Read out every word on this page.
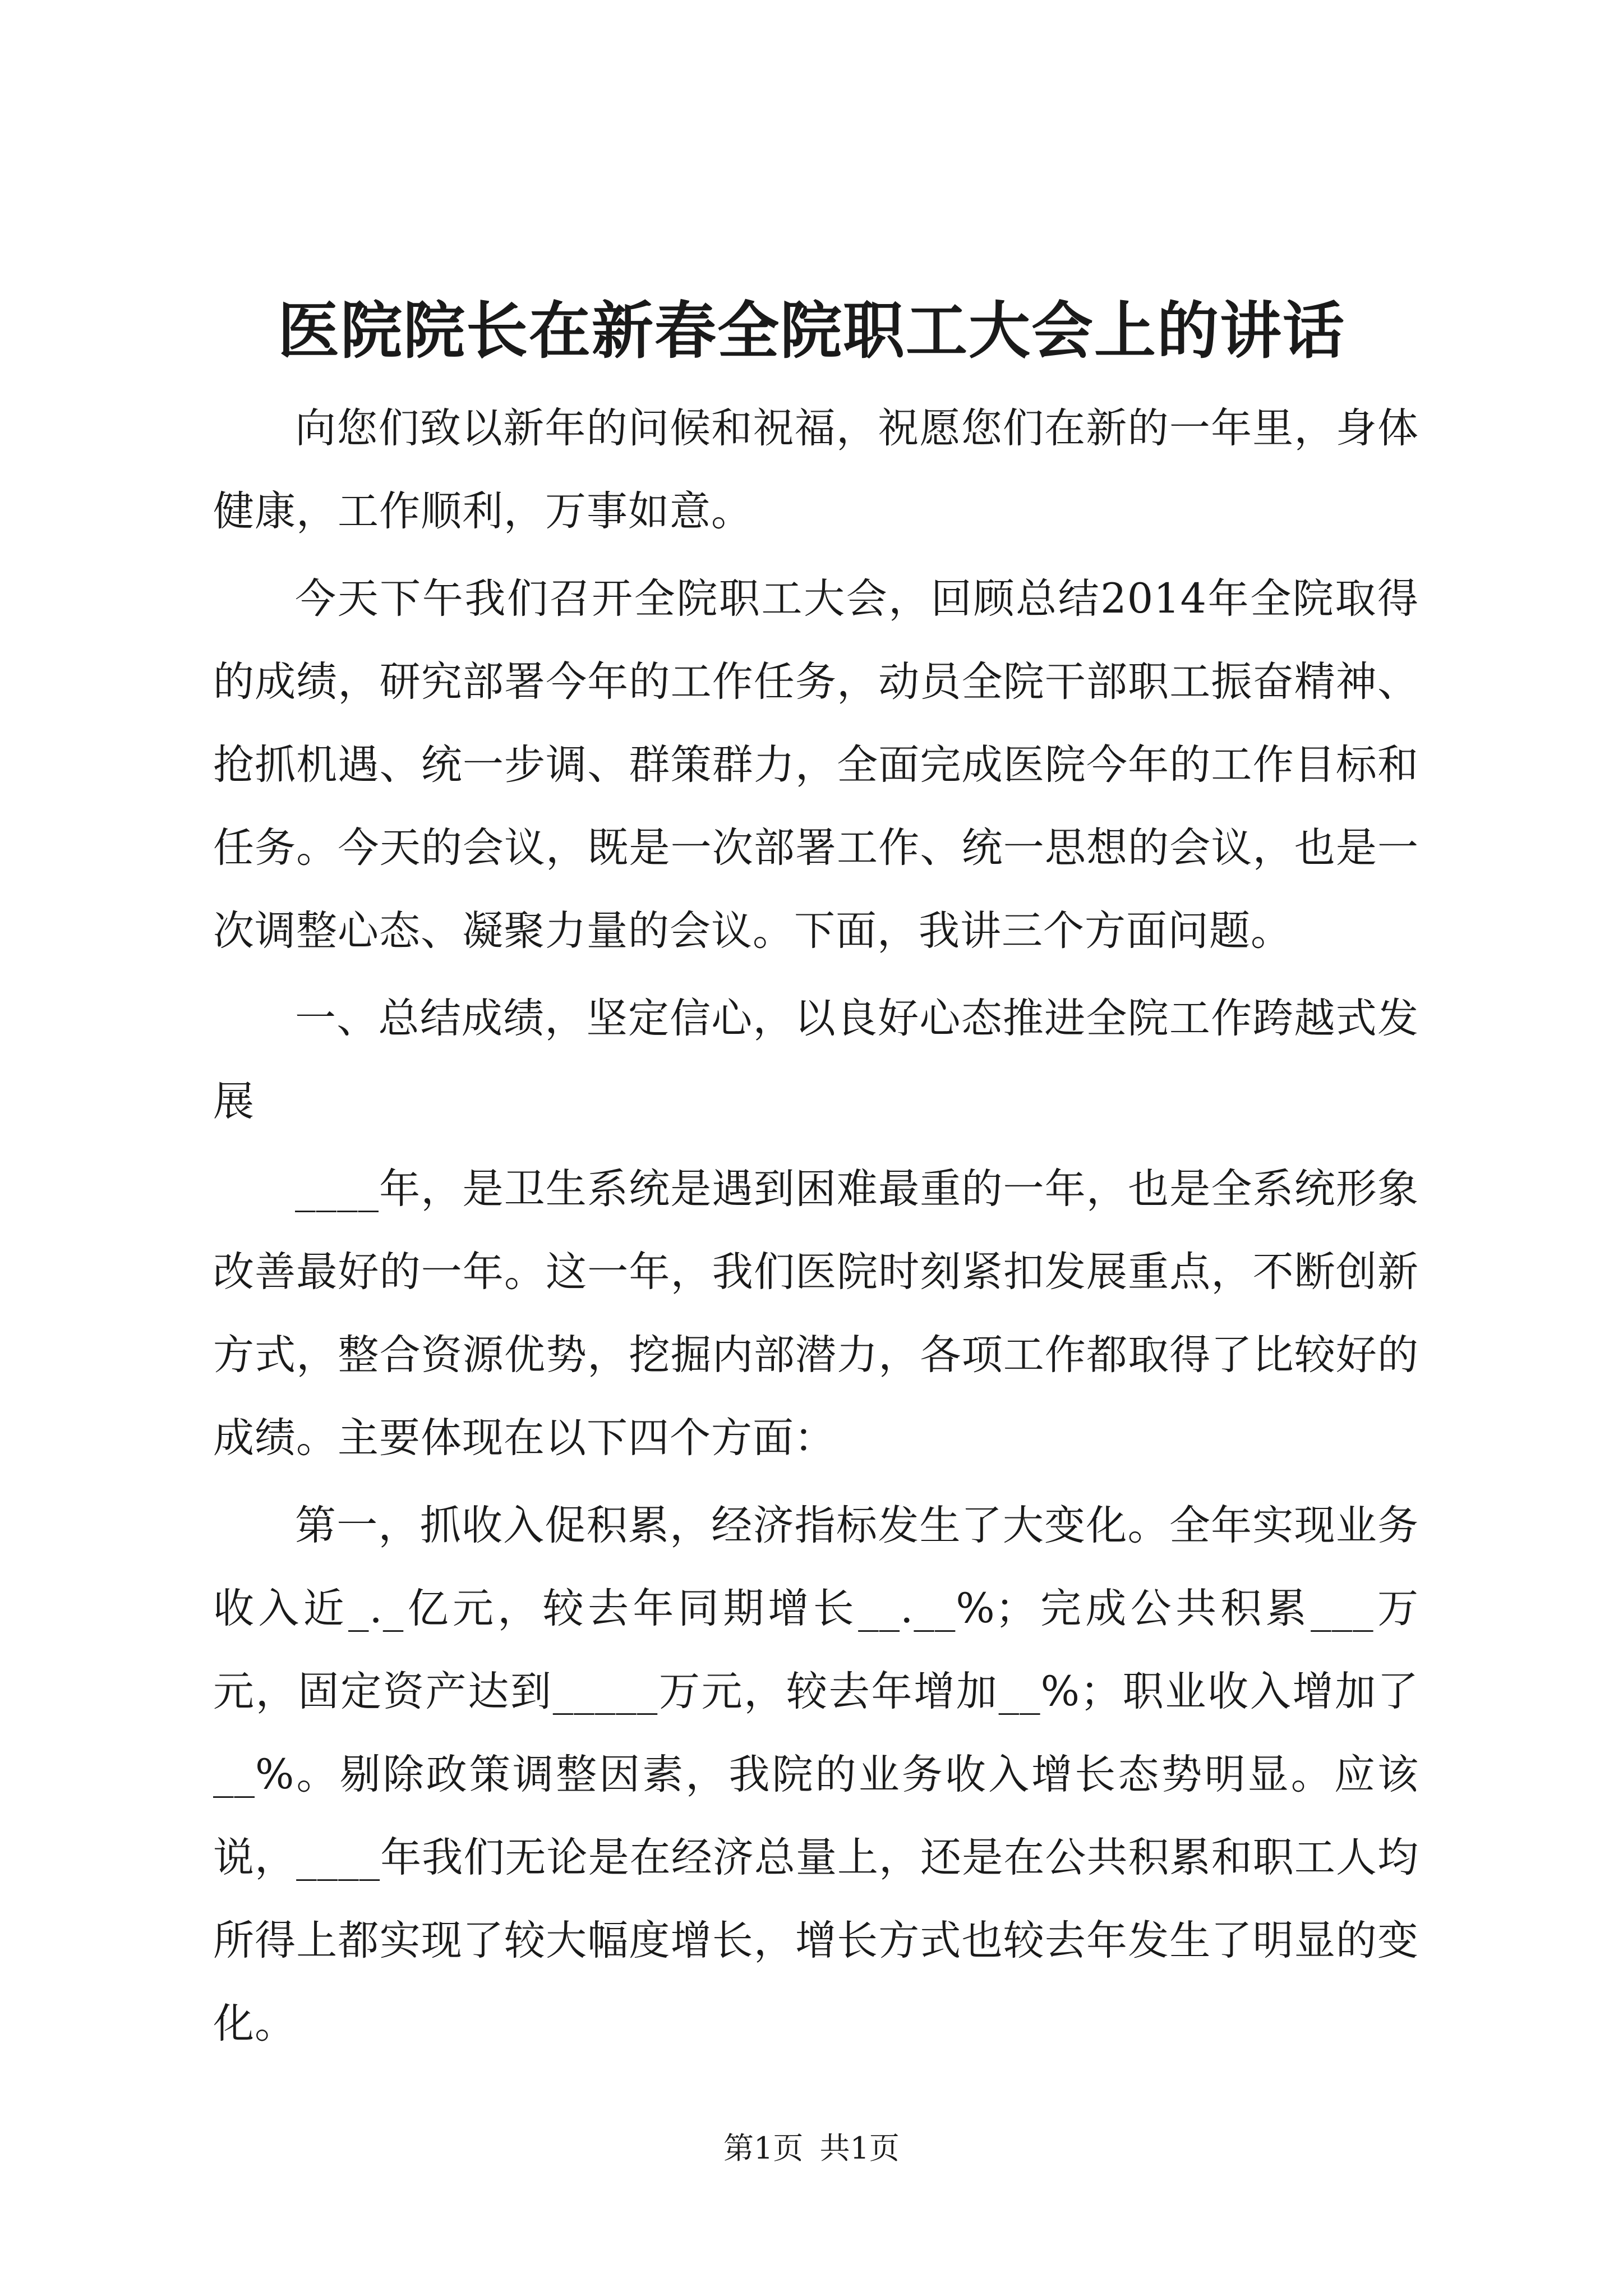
医院院长在新春全院职工大会上的讲话

向您们致以新年的问候和祝福，祝愿您们在新的一年里，身体健康，工作顺利，万事如意。

今天下午我们召开全院职工大会，回顾总结2014年全院取得的成绩，研究部署今年的工作任务，动员全院干部职工振奋精神、抢抓机遇、统一步调、群策群力，全面完成医院今年的工作目标和任务。今天的会议，既是一次部署工作、统一思想的会议，也是一次调整心态、凝聚力量的会议。下面，我讲三个方面问题。

一、总结成绩，坚定信心，以良好心态推进全院工作跨越式发展

____年，是卫生系统是遇到困难最重的一年，也是全系统形象改善最好的一年。这一年，我们医院时刻紧扣发展重点，不断创新方式，整合资源优势，挖掘内部潜力，各项工作都取得了比较好的成绩。主要体现在以下四个方面：

第一，抓收入促积累，经济指标发生了大变化。全年实现业务收入近_._亿元，较去年同期增长__.__%；完成公共积累___万元，固定资产达到_____万元，较去年增加__%；职业收入增加了__%。剔除政策调整因素，我院的业务收入增长态势明显。应该说，____年我们无论是在经济总量上，还是在公共积累和职工人均所得上都实现了较大幅度增长，增长方式也较去年发生了明显的变化。

第1页 共1页
